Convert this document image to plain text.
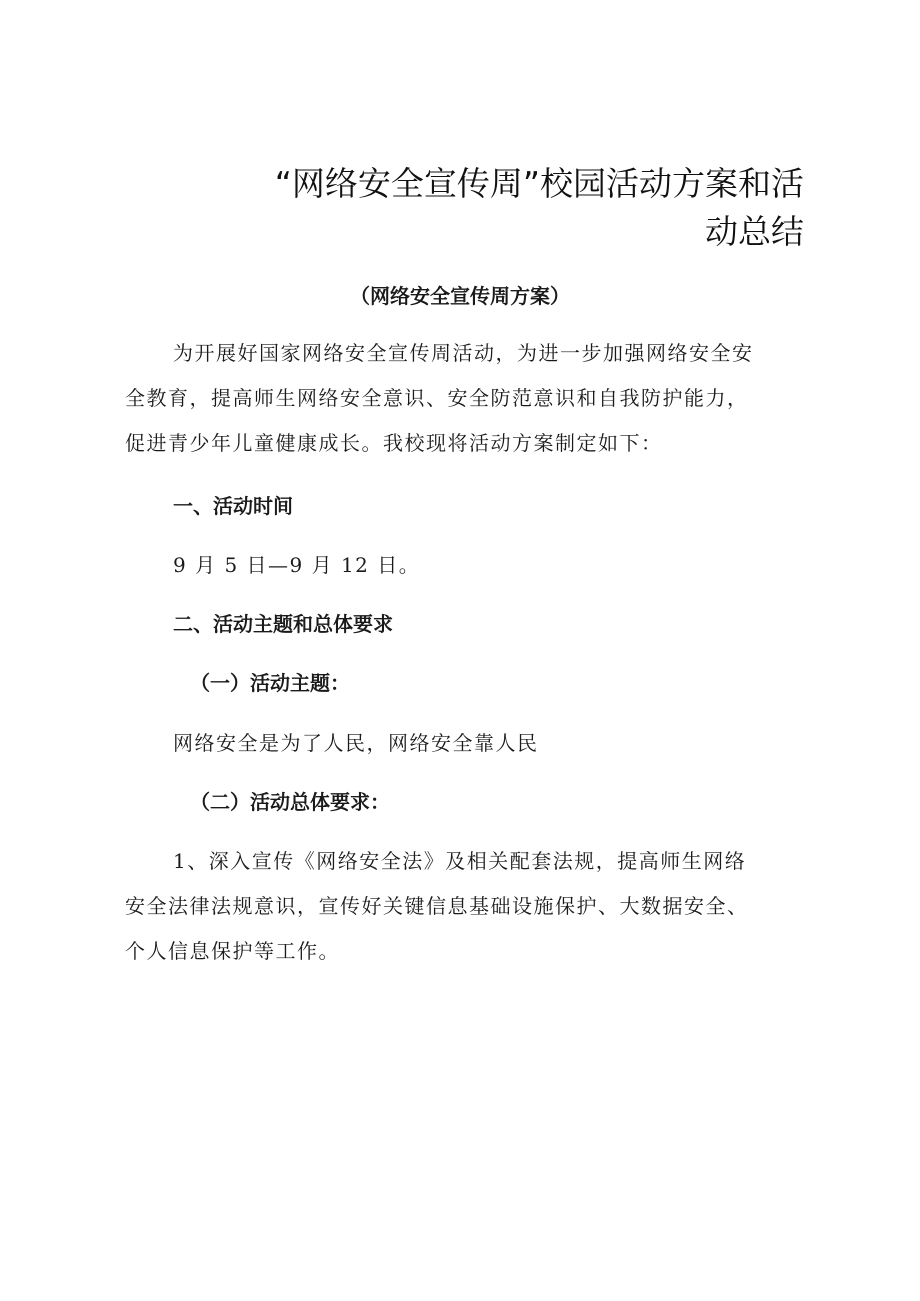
“网络安全宣传周”校园活动方案和活
动总结
（网络安全宣传周方案）
为开展好国家网络安全宣传周活动，为进一步加强网络安全安
全教育，提高师生网络安全意识、安全防范意识和自我防护能力，
促进青少年儿童健康成长。我校现将活动方案制定如下：
一、活动时间
9 月 5 日—9 月 12 日。
二、活动主题和总体要求
（一）活动主题：
网络安全是为了人民，网络安全靠人民
（二）活动总体要求：
1、深入宣传《网络安全法》及相关配套法规，提高师生网络
安全法律法规意识，宣传好关键信息基础设施保护、大数据安全、
个人信息保护等工作。
